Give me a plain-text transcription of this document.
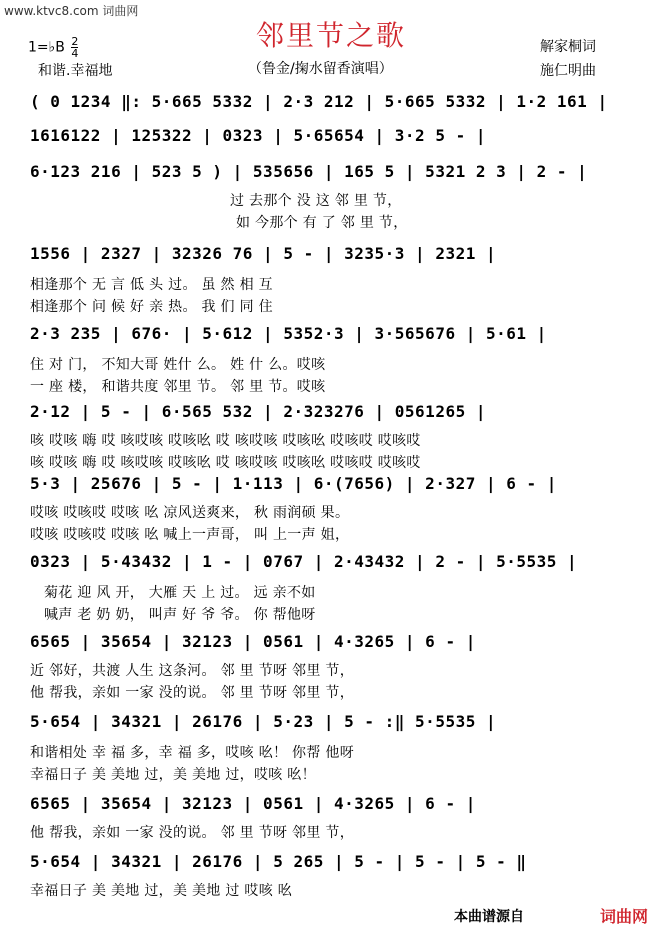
www.ktvc8.com 词曲网
邻里节之歌
1=♭B $\frac{2}{4}$
和谐.幸福地	（鲁金/掬水留香演唱）
解家桐词
施仁明曲
( 0 1234 ‖: 5·665 5332 | 2·3 212 | 5·665 5332 | 1·2 161 |
1616122 | 125322 | 0323 | 5·65654 | 3·2 5 - |
6·123 216 | 523 5 ) | 535656 | 165 5 | 5321 2 3 | 2 - |
过 去那个 没 这 邻 里 节，
如 今那个 有 了 邻 里 节，
1556 | 2327 | 32326 76 | 5 - | 3235·3 | 2321 |
相逢那个 无 言 低 头 过。 虽 然 相 互
相逢那个 问 候 好 亲 热。 我 们 同 住
2·3 235 | 676· | 5·612 | 5352·3 | 3·565676 | 5·61 |
住 对 门， 不知大哥 姓什 么。 姓 什 么。哎咳
一 座 楼， 和谐共度 邻里 节。 邻 里 节。哎咳
2·12 | 5 - | 6·565 532 | 2·323276 | 0561265 |
咳 哎咳 嗨 哎 咳哎咳 哎咳吆 哎 咳哎咳 哎咳吆 哎咳哎 哎咳哎
咳 哎咳 嗨 哎 咳哎咳 哎咳吆 哎 咳哎咳 哎咳吆 哎咳哎 哎咳哎
5·3 | 25676 | 5 - | 1·113 | 6·(7656) | 2·327 | 6 - |
哎咳 哎咳哎 哎咳 吆 凉风送爽来， 秋 雨润硕 果。
哎咳 哎咳哎 哎咳 吆 喊上一声哥， 叫 上一声 姐，
0323 | 5·43432 | 1 - | 0767 | 2·43432 | 2 - | 5·5535 |
菊花 迎 风 开， 大雁 天 上 过。 远 亲不如
喊声 老 奶 奶， 叫声 好 爷 爷。 你 帮他呀
6565 | 35654 | 32123 | 0561 | 4·3265 | 6 - |
近 邻好，共渡 人生 这条河。 邻 里 节呀 邻里 节，
他 帮我，亲如 一家 没的说。 邻 里 节呀 邻里 节，
5·654 | 34321 | 26176 | 5·23 | 5 - :‖ 5·5535 |
和谐相处 幸 福 多，幸 福 多，哎咳 吆！ 你帮 他呀
幸福日子 美 美地 过，美 美地 过，哎咳 吆！
6565 | 35654 | 32123 | 0561 | 4·3265 | 6 - |
他 帮我，亲如 一家 没的说。 邻 里 节呀 邻里 节，
5·654 | 34321 | 26176 | 5 265 | 5 - | 5 - | 5 - ‖
幸福日子 美 美地 过，美 美地 过 哎咳 吆
本曲谱源自	词曲网
